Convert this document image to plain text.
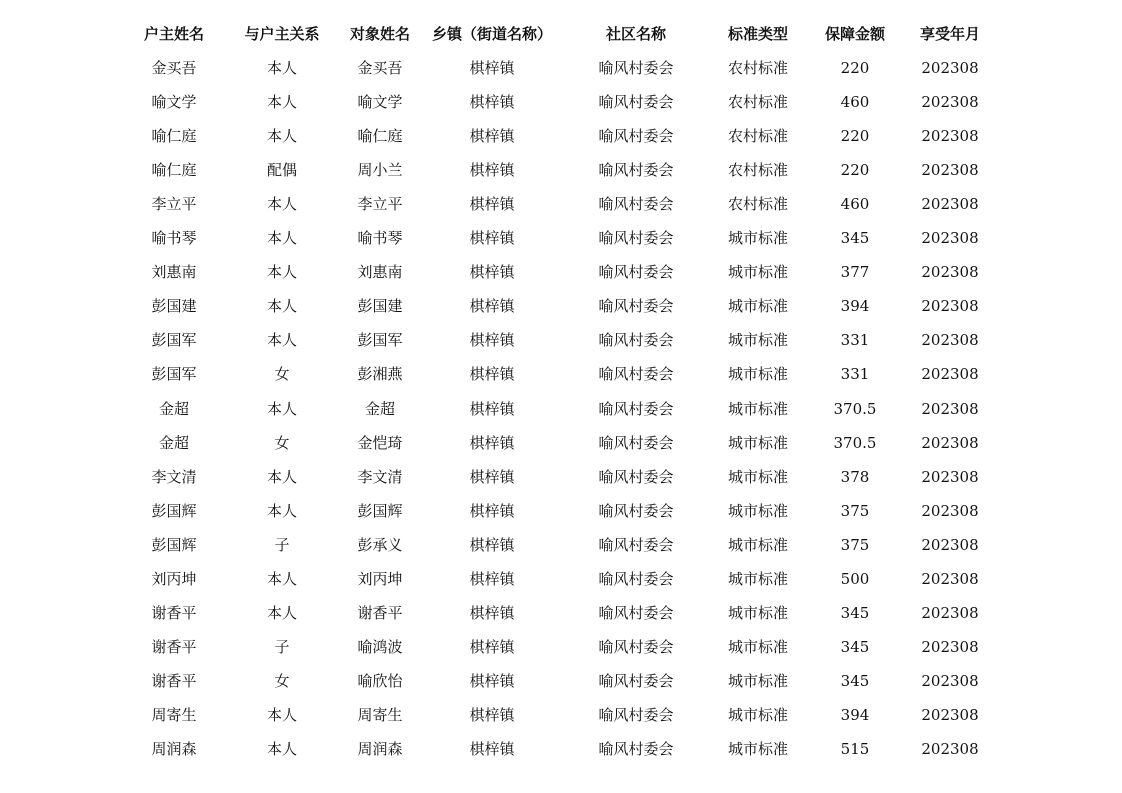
户主姓名	与户主关系	对象姓名	乡镇（街道名称）	社区名称	标准类型	保障金额	享受年月
金买吾	本人	金买吾	棋梓镇	喻风村委会	农村标准	220	202308
喻文学	本人	喻文学	棋梓镇	喻风村委会	农村标准	460	202308
喻仁庭	本人	喻仁庭	棋梓镇	喻风村委会	农村标准	220	202308
喻仁庭	配偶	周小兰	棋梓镇	喻风村委会	农村标准	220	202308
李立平	本人	李立平	棋梓镇	喻风村委会	农村标准	460	202308
喻书琴	本人	喻书琴	棋梓镇	喻风村委会	城市标准	345	202308
刘惠南	本人	刘惠南	棋梓镇	喻风村委会	城市标准	377	202308
彭国建	本人	彭国建	棋梓镇	喻风村委会	城市标准	394	202308
彭国军	本人	彭国军	棋梓镇	喻风村委会	城市标准	331	202308
彭国军	女	彭湘燕	棋梓镇	喻风村委会	城市标准	331	202308
金超	本人	金超	棋梓镇	喻风村委会	城市标准	370.5	202308
金超	女	金恺琦	棋梓镇	喻风村委会	城市标准	370.5	202308
李文清	本人	李文清	棋梓镇	喻风村委会	城市标准	378	202308
彭国辉	本人	彭国辉	棋梓镇	喻风村委会	城市标准	375	202308
彭国辉	子	彭承义	棋梓镇	喻风村委会	城市标准	375	202308
刘丙坤	本人	刘丙坤	棋梓镇	喻风村委会	城市标准	500	202308
谢香平	本人	谢香平	棋梓镇	喻风村委会	城市标准	345	202308
谢香平	子	喻鸿波	棋梓镇	喻风村委会	城市标准	345	202308
谢香平	女	喻欣怡	棋梓镇	喻风村委会	城市标准	345	202308
周寄生	本人	周寄生	棋梓镇	喻风村委会	城市标准	394	202308
周润森	本人	周润森	棋梓镇	喻风村委会	城市标准	515	202308
